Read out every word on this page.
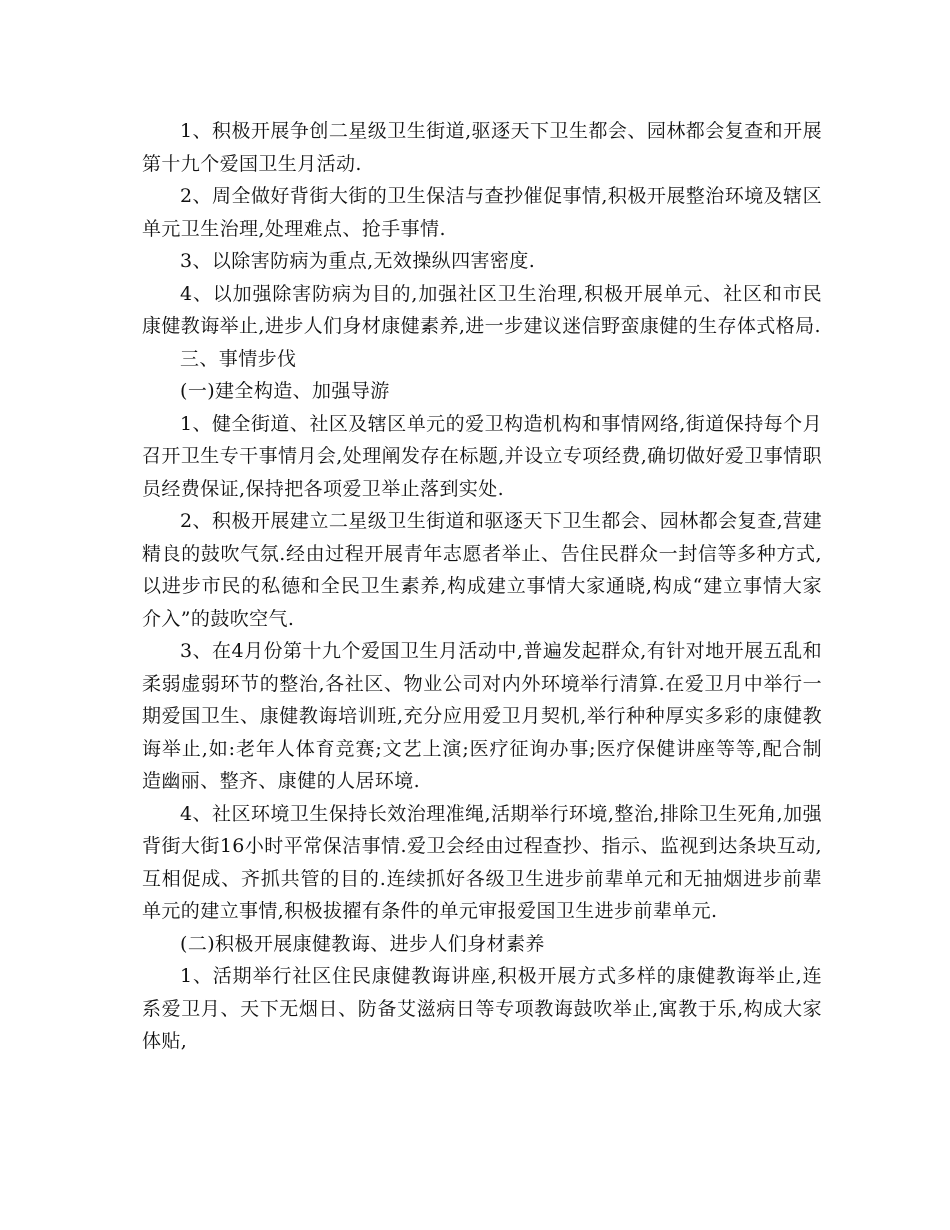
1、积极开展争创二星级卫生街道,驱逐天下卫生都会、园林都会复查和开展第十九个爱国卫生月活动.

2、周全做好背街大街的卫生保洁与查抄催促事情,积极开展整治环境及辖区单元卫生治理,处理难点、抢手事情.

3、以除害防病为重点,无效操纵四害密度.

4、以加强除害防病为目的,加强社区卫生治理,积极开展单元、社区和市民康健教诲举止,进步人们身材康健素养,进一步建议迷信野蛮康健的生存体式格局.

三、事情步伐

(一)建全构造、加强导游

1、健全街道、社区及辖区单元的爱卫构造机构和事情网络,街道保持每个月召开卫生专干事情月会,处理阐发存在标题,并设立专项经费,确切做好爱卫事情职员经费保证,保持把各项爱卫举止落到实处.

2、积极开展建立二星级卫生街道和驱逐天下卫生都会、园林都会复查,营建精良的鼓吹气氛.经由过程开展青年志愿者举止、告住民群众一封信等多种方式,以进步市民的私德和全民卫生素养,构成建立事情大家通晓,构成“建立事情大家介入”的鼓吹空气.

3、在4月份第十九个爱国卫生月活动中,普遍发起群众,有针对地开展五乱和柔弱虚弱环节的整治,各社区、物业公司对内外环境举行清算.在爱卫月中举行一期爱国卫生、康健教诲培训班,充分应用爱卫月契机,举行种种厚实多彩的康健教诲举止,如:老年人体育竞赛;文艺上演;医疗征询办事;医疗保健讲座等等,配合制造幽丽、整齐、康健的人居环境.

4、社区环境卫生保持长效治理准绳,活期举行环境,整治,排除卫生死角,加强背街大街16小时平常保洁事情.爱卫会经由过程查抄、指示、监视到达条块互动,互相促成、齐抓共管的目的.连续抓好各级卫生进步前辈单元和无抽烟进步前辈单元的建立事情,积极拔擢有条件的单元审报爱国卫生进步前辈单元.

(二)积极开展康健教诲、进步人们身材素养

1、活期举行社区住民康健教诲讲座,积极开展方式多样的康健教诲举止,连系爱卫月、天下无烟日、防备艾滋病日等专项教诲鼓吹举止,寓教于乐,构成大家体贴,
